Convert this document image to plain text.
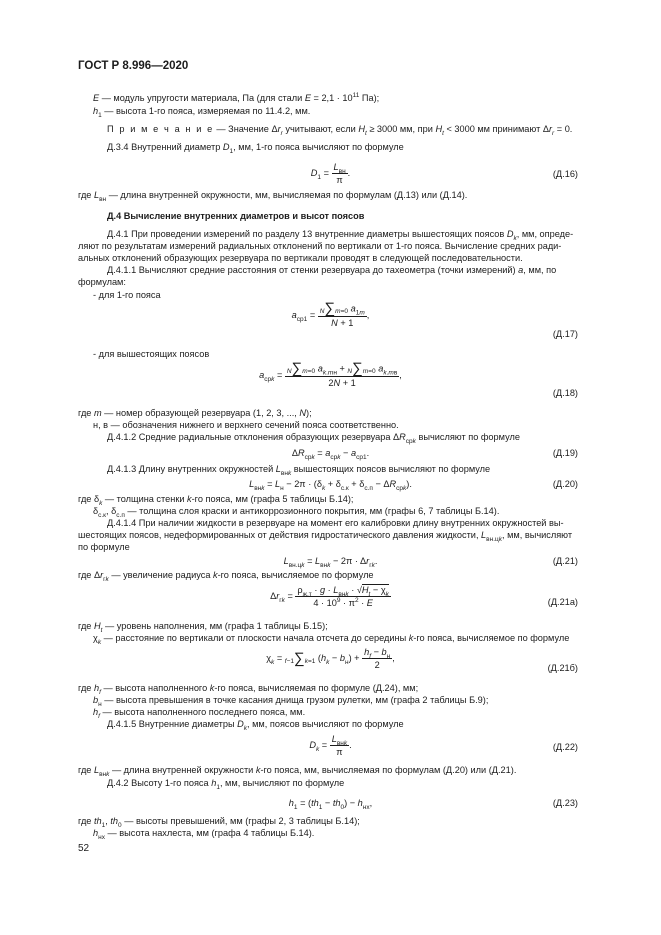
ГОСТ Р 8.996—2020
E — модуль упругости материала, Па (для стали $E = 2,1 \cdot 10^{11}$ Па);
$h_1$ — высота 1-го пояса, измеряемая по 11.4.2, мм.
П р и м е ч а н и е — Значение $\Delta r_r$ учитывают, если $H_t \ge 3000$ мм, при $H_t < 3000$ мм принимают $\Delta r_r = 0$.
Д.3.4 Внутренний диаметр $D_1$, мм, 1-го пояса вычисляют по формуле
$D_1 = \frac{L_{вн}}{\pi}$ .	(Д.16)
где $L_{вн}$ — длина внутренней окружности, мм, вычисляемая по формулам (Д.13) или (Д.14).
Д.4 Вычисление внутренних диаметров и высот поясов
Д.4.1 При проведении измерений по разделу 13 внутренние диаметры вышестоящих поясов $D_k$, мм, опреде-
ляют по результатам измерений радиальных отклонений по вертикали от 1-го пояса. Вычисление средних ради-
альных отклонений образующих резервуара по вертикали проводят в следующей последовательности.
Д.4.1.1 Вычисляют средние расстояния от стенки резервуара до тахеометра (точки измерений) a, мм, по
формулам:
- для 1-го пояса
$a_{ср1} = \frac{N\sum m=0 a_{1m}}{N + 1}$ ,
(Д.17)
- для вышестоящих поясов
$a_{срk} = \frac{N\sum m=0 a_{k.mн} + N\sum m=0 a_{k.mв}}{2N + 1}$ ,
(Д.18)
где m — номер образующей резервуара (1, 2, 3, ..., N);
н, в — обозначения нижнего и верхнего сечений пояса соответственно.
Д.4.1.2 Средние радиальные отклонения образующих резервуара $\Delta R_{срk}$ вычисляют по формуле
$\Delta R_{срk} = a_{срk} - a_{ср1}$.	(Д.19)
Д.4.1.3 Длину внутренних окружностей $L_{внk}$ вышестоящих поясов вычисляют по формуле
$L_{внk} = L_н - 2\pi \cdot (\delta_k + \delta_{с.к} + \delta_{с.п} - \Delta R_{срk})$.	(Д.20)
где $\delta_k$ — толщина стенки k-го пояса, мм (графа 5 таблицы Б.14);
$\delta_{с.к}$, $\delta_{с.п}$ — толщина слоя краски и антикоррозионного покрытия, мм (графы 6, 7 таблицы Б.14).
Д.4.1.4 При наличии жидкости в резервуаре на момент его калибровки длину внутренних окружностей вы-
шестоящих поясов, недеформированных от действия гидростатического давления жидкости, $L_{вн.цk}$, мм, вычисляют
по формуле
$L_{вн.цk} = L_{внk} - 2\pi \cdot \Delta r_{гk}$.	(Д.21)
где $\Delta r_{гk}$ — увеличение радиуса k-го пояса, вычисляемое по формуле
$\Delta r_{гk} = \frac{\rho_{ж.т} \cdot g \cdot L_{внk} \cdot √H_t - \chi_k}{4 \cdot 10^9 \cdot \pi^2 \cdot E}$	(Д.21а)
где $H_t$ — уровень наполнения, мм (графа 1 таблицы Б.15);
$\chi_k$ — расстояние по вертикали от плоскости начала отсчета до середины k-го пояса, вычисляемое по формуле
$\chi_k = f-1\sum k=1$ $(h_k - b_н) + \frac{h_f - b_н}{2}$ ,
(Д.21б)
где $h_f$ — высота наполненного k-го пояса, вычисляемая по формуле (Д.24), мм;
$b_н$ — высота превышения в точке касания днища грузом рулетки, мм (графа 2 таблицы Б.9);
$h_f$ — высота наполненного последнего пояса, мм.
Д.4.1.5 Внутренние диаметры $D_k$, мм, поясов вычисляют по формуле
$D_k = \frac{L_{внk}}{\pi}$ .	(Д.22)
где $L_{внk}$ — длина внутренней окружности k-го пояса, мм, вычисляемая по формулам (Д.20) или (Д.21).
Д.4.2 Высоту 1-го пояса $h_1$, мм, вычисляют по формуле
$h_1 = (th_1 - th_0) - h_{нх}$,	(Д.23)
где $th_1$, $th_0$ — высоты превышений, мм (графы 2, 3 таблицы Б.14);
$h_{нх}$ — высота нахлеста, мм (графа 4 таблицы Б.14).
52
